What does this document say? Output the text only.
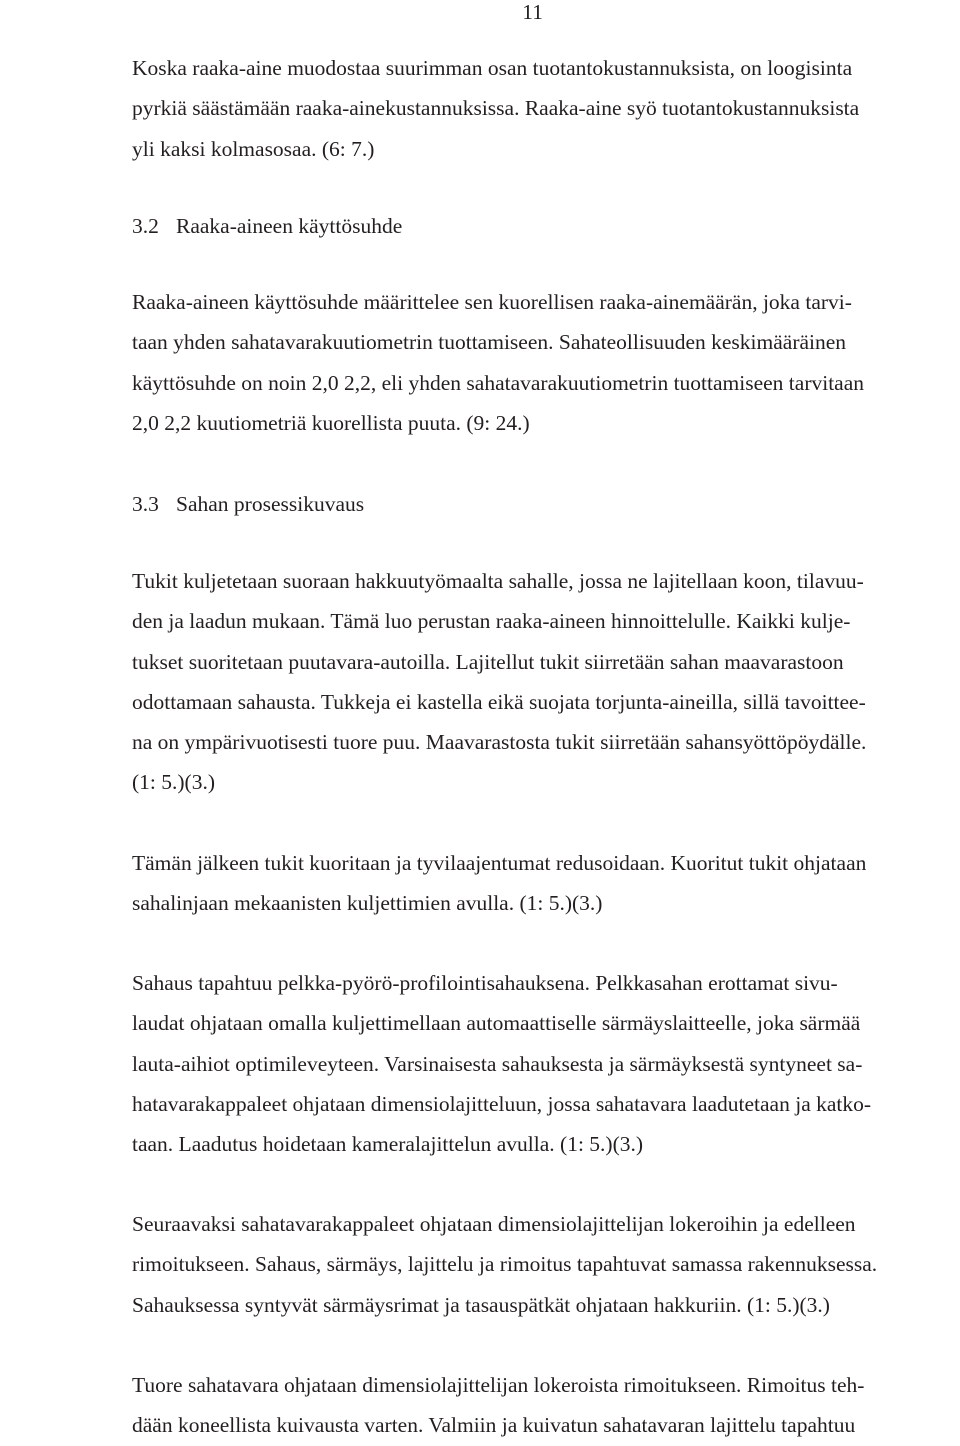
11

Koska raaka-aine muodostaa suurimman osan tuotantokustannuksista, on loogisinta
pyrkiä säästämään raaka-ainekustannuksissa. Raaka-aine syö tuotantokustannuksista
yli kaksi kolmasosaa. (6: 7.)

3.2 Raaka-aineen käyttösuhde

Raaka-aineen käyttösuhde määrittelee sen kuorellisen raaka-ainemäärän, joka tarvi-
taan yhden sahatavarakuutiometrin tuottamiseen. Sahateollisuuden keskimääräinen
käyttösuhde on noin 2,0 2,2, eli yhden sahatavarakuutiometrin tuottamiseen tarvitaan
2,0 2,2 kuutiometriä kuorellista puuta. (9: 24.)

3.3 Sahan prosessikuvaus

Tukit kuljetetaan suoraan hakkuutyömaalta sahalle, jossa ne lajitellaan koon, tilavuu-
den ja laadun mukaan. Tämä luo perustan raaka-aineen hinnoittelulle. Kaikki kulje-
tukset suoritetaan puutavara-autoilla. Lajitellut tukit siirretään sahan maavarastoon
odottamaan sahausta. Tukkeja ei kastella eikä suojata torjunta-aineilla, sillä tavoittee-
na on ympärivuotisesti tuore puu. Maavarastosta tukit siirretään sahansyöttöpöydälle.
(1: 5.)(3.)

Tämän jälkeen tukit kuoritaan ja tyvilaajentumat redusoidaan. Kuoritut tukit ohjataan
sahalinjaan mekaanisten kuljettimien avulla. (1: 5.)(3.)

Sahaus tapahtuu pelkka-pyörö-profilointisahauksena. Pelkkasahan erottamat sivu-
laudat ohjataan omalla kuljettimellaan automaattiselle särmäyslaitteelle, joka särmää
lauta-aihiot optimileveyteen. Varsinaisesta sahauksesta ja särmäyksestä syntyneet sa-
hatavarakappaleet ohjataan dimensiolajitteluun, jossa sahatavara laadutetaan ja katko-
taan. Laadutus hoidetaan kameralajittelun avulla. (1: 5.)(3.)

Seuraavaksi sahatavarakappaleet ohjataan dimensiolajittelijan lokeroihin ja edelleen
rimoitukseen. Sahaus, särmäys, lajittelu ja rimoitus tapahtuvat samassa rakennuksessa.
Sahauksessa syntyvät särmäysrimat ja tasauspätkät ohjataan hakkuriin. (1: 5.)(3.)

Tuore sahatavara ohjataan dimensiolajittelijan lokeroista rimoitukseen. Rimoitus teh-
dään koneellista kuivausta varten. Valmiin ja kuivatun sahatavaran lajittelu tapahtuu
